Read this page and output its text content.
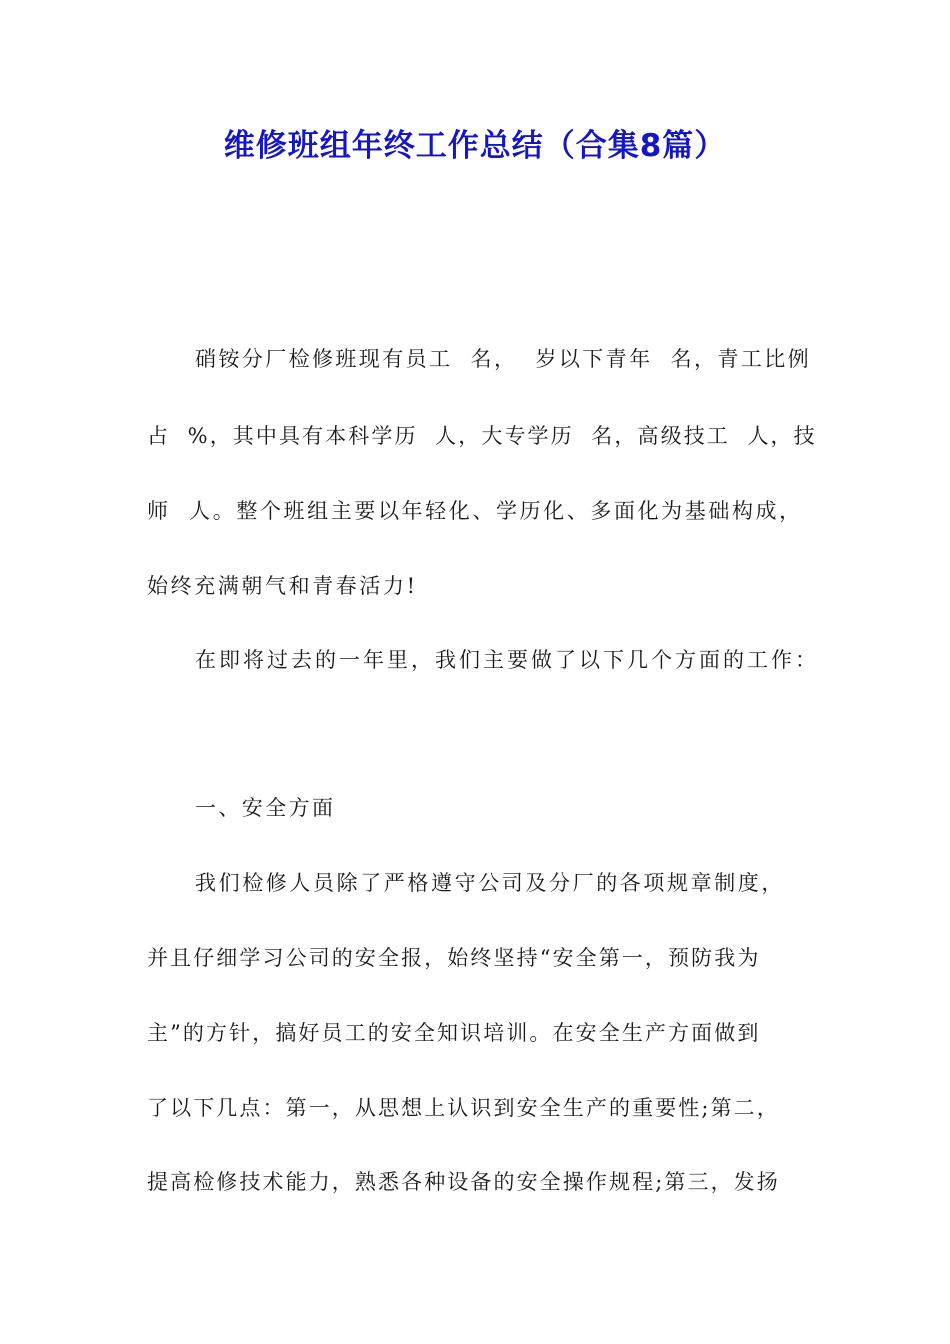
维修班组年终工作总结（合集8篇）
硝铵分厂检修班现有员工  名，  岁以下青年  名，青工比例
占  %，其中具有本科学历  人，大专学历  名，高级技工  人，技
师  人。整个班组主要以年轻化、学历化、多面化为基础构成，
始终充满朝气和青春活力!
在即将过去的一年里，我们主要做了以下几个方面的工作：
一、安全方面
我们检修人员除了严格遵守公司及分厂的各项规章制度，
并且仔细学习公司的安全报，始终坚持“安全第一，预防我为
主”的方针，搞好员工的安全知识培训。在安全生产方面做到
了以下几点：第一，从思想上认识到安全生产的重要性;第二，
提高检修技术能力，熟悉各种设备的安全操作规程;第三，发扬
